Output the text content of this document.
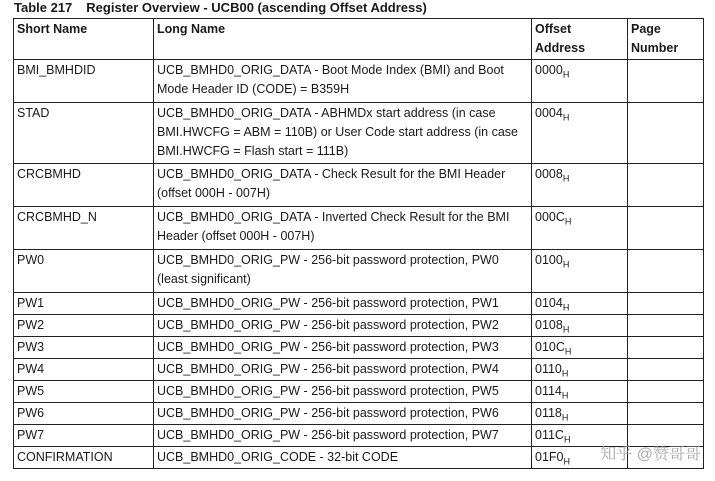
Table 217 Register Overview - UCB00 (ascending Offset Address)
Short Name	Long Name	Offset Address	Page Number
BMI_BMHDID	UCB_BMHD0_ORIG_DATA - Boot Mode Index (BMI) and Boot Mode Header ID (CODE) = B359H	$0000_H$	
STAD	UCB_BMHD0_ORIG_DATA - ABHMDx start address (in case BMI.HWCFG = ABM = 110B) or User Code start address (in case BMI.HWCFG = Flash start = 111B)	$0004_H$	
CRCBMHD	UCB_BMHD0_ORIG_DATA - Check Result for the BMI Header (offset 000H - 007H)	$0008_H$	
CRCBMHD_N	UCB_BMHD0_ORIG_DATA - Inverted Check Result for the BMI Header (offset 000H - 007H)	$000C_H$	
PW0	UCB_BMHD0_ORIG_PW - 256-bit password protection, PW0 (least significant)	$0100_H$	
PW1	UCB_BMHD0_ORIG_PW - 256-bit password protection, PW1	$0104_H$	
PW2	UCB_BMHD0_ORIG_PW - 256-bit password protection, PW2	$0108_H$	
PW3	UCB_BMHD0_ORIG_PW - 256-bit password protection, PW3	$010C_H$	
PW4	UCB_BMHD0_ORIG_PW - 256-bit password protection, PW4	$0110_H$	
PW5	UCB_BMHD0_ORIG_PW - 256-bit password protection, PW5	$0114_H$	
PW6	UCB_BMHD0_ORIG_PW - 256-bit password protection, PW6	$0118_H$	
PW7	UCB_BMHD0_ORIG_PW - 256-bit password protection, PW7	$011C_H$	
CONFIRMATION	UCB_BMHD0_ORIG_CODE - 32-bit CODE	$01F0_H$	知乎 @赞哥哥
